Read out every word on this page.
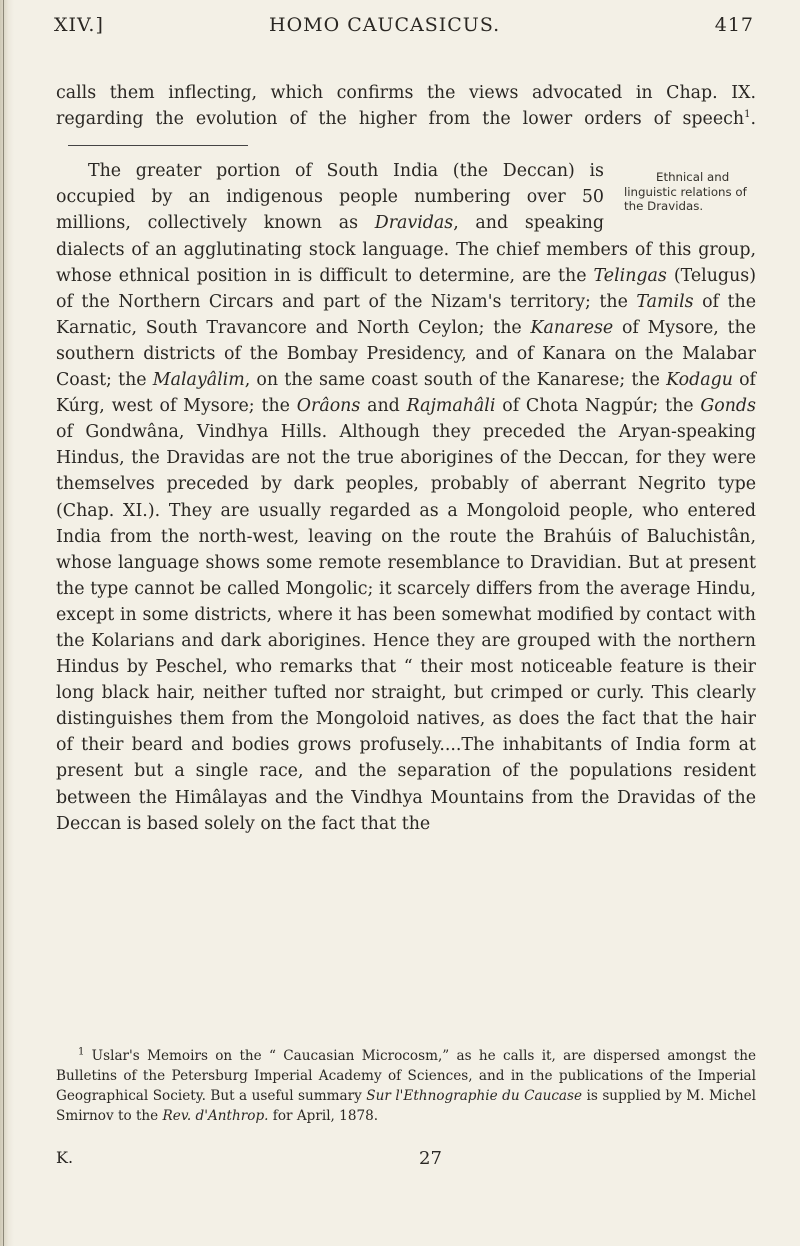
XIV.]	HOMO CAUCASICUS.	417

calls them inflecting, which confirms the views advocated in Chap. IX. regarding the evolution of the higher from the lower orders of speech$^1$.

Ethnical and linguistic relations of the Dravidas.
The greater portion of South India (the Deccan) is occupied by an indigenous people numbering over 50 millions, collectively known as Dravidas, and speaking dialects of an agglutinating stock language. The chief members of this group, whose ethnical position in is difficult to determine, are the Telingas (Telugus) of the Northern Circars and part of the Nizam's territory; the Tamils of the Karnatic, South Travancore and North Ceylon; the Kanarese of Mysore, the southern districts of the Bombay Presidency, and of Kanara on the Malabar Coast; the Malayâlim, on the same coast south of the Kanarese; the Kodagu of Kúrg, west of Mysore; the Orâons and Rajmahâli of Chota Nagpúr; the Gonds of Gondwâna, Vindhya Hills. Although they preceded the Aryan-speaking Hindus, the Dravidas are not the true aborigines of the Deccan, for they were themselves preceded by dark peoples, probably of aberrant Negrito type (Chap. XI.). They are usually regarded as a Mongoloid people, who entered India from the north-west, leaving on the route the Brahúis of Baluchistân, whose language shows some remote resemblance to Dravidian. But at present the type cannot be called Mongolic; it scarcely differs from the average Hindu, except in some districts, where it has been somewhat modified by contact with the Kolarians and dark aborigines. Hence they are grouped with the northern Hindus by Peschel, who remarks that “ their most noticeable feature is their long black hair, neither tufted nor straight, but crimped or curly. This clearly distinguishes them from the Mongoloid natives, as does the fact that the hair of their beard and bodies grows profusely....The inhabitants of India form at present but a single race, and the separation of the populations resident between the Himâlayas and the Vindhya Mountains from the Dravidas of the Deccan is based solely on the fact that the

$^1$ Uslar's Memoirs on the “ Caucasian Microcosm,” as he calls it, are dispersed amongst the Bulletins of the Petersburg Imperial Academy of Sciences, and in the publications of the Imperial Geographical Society. But a useful summary Sur l'Ethnographie du Caucase is supplied by M. Michel Smirnov to the Rev. d'Anthrop. for April, 1878.

K.	27
